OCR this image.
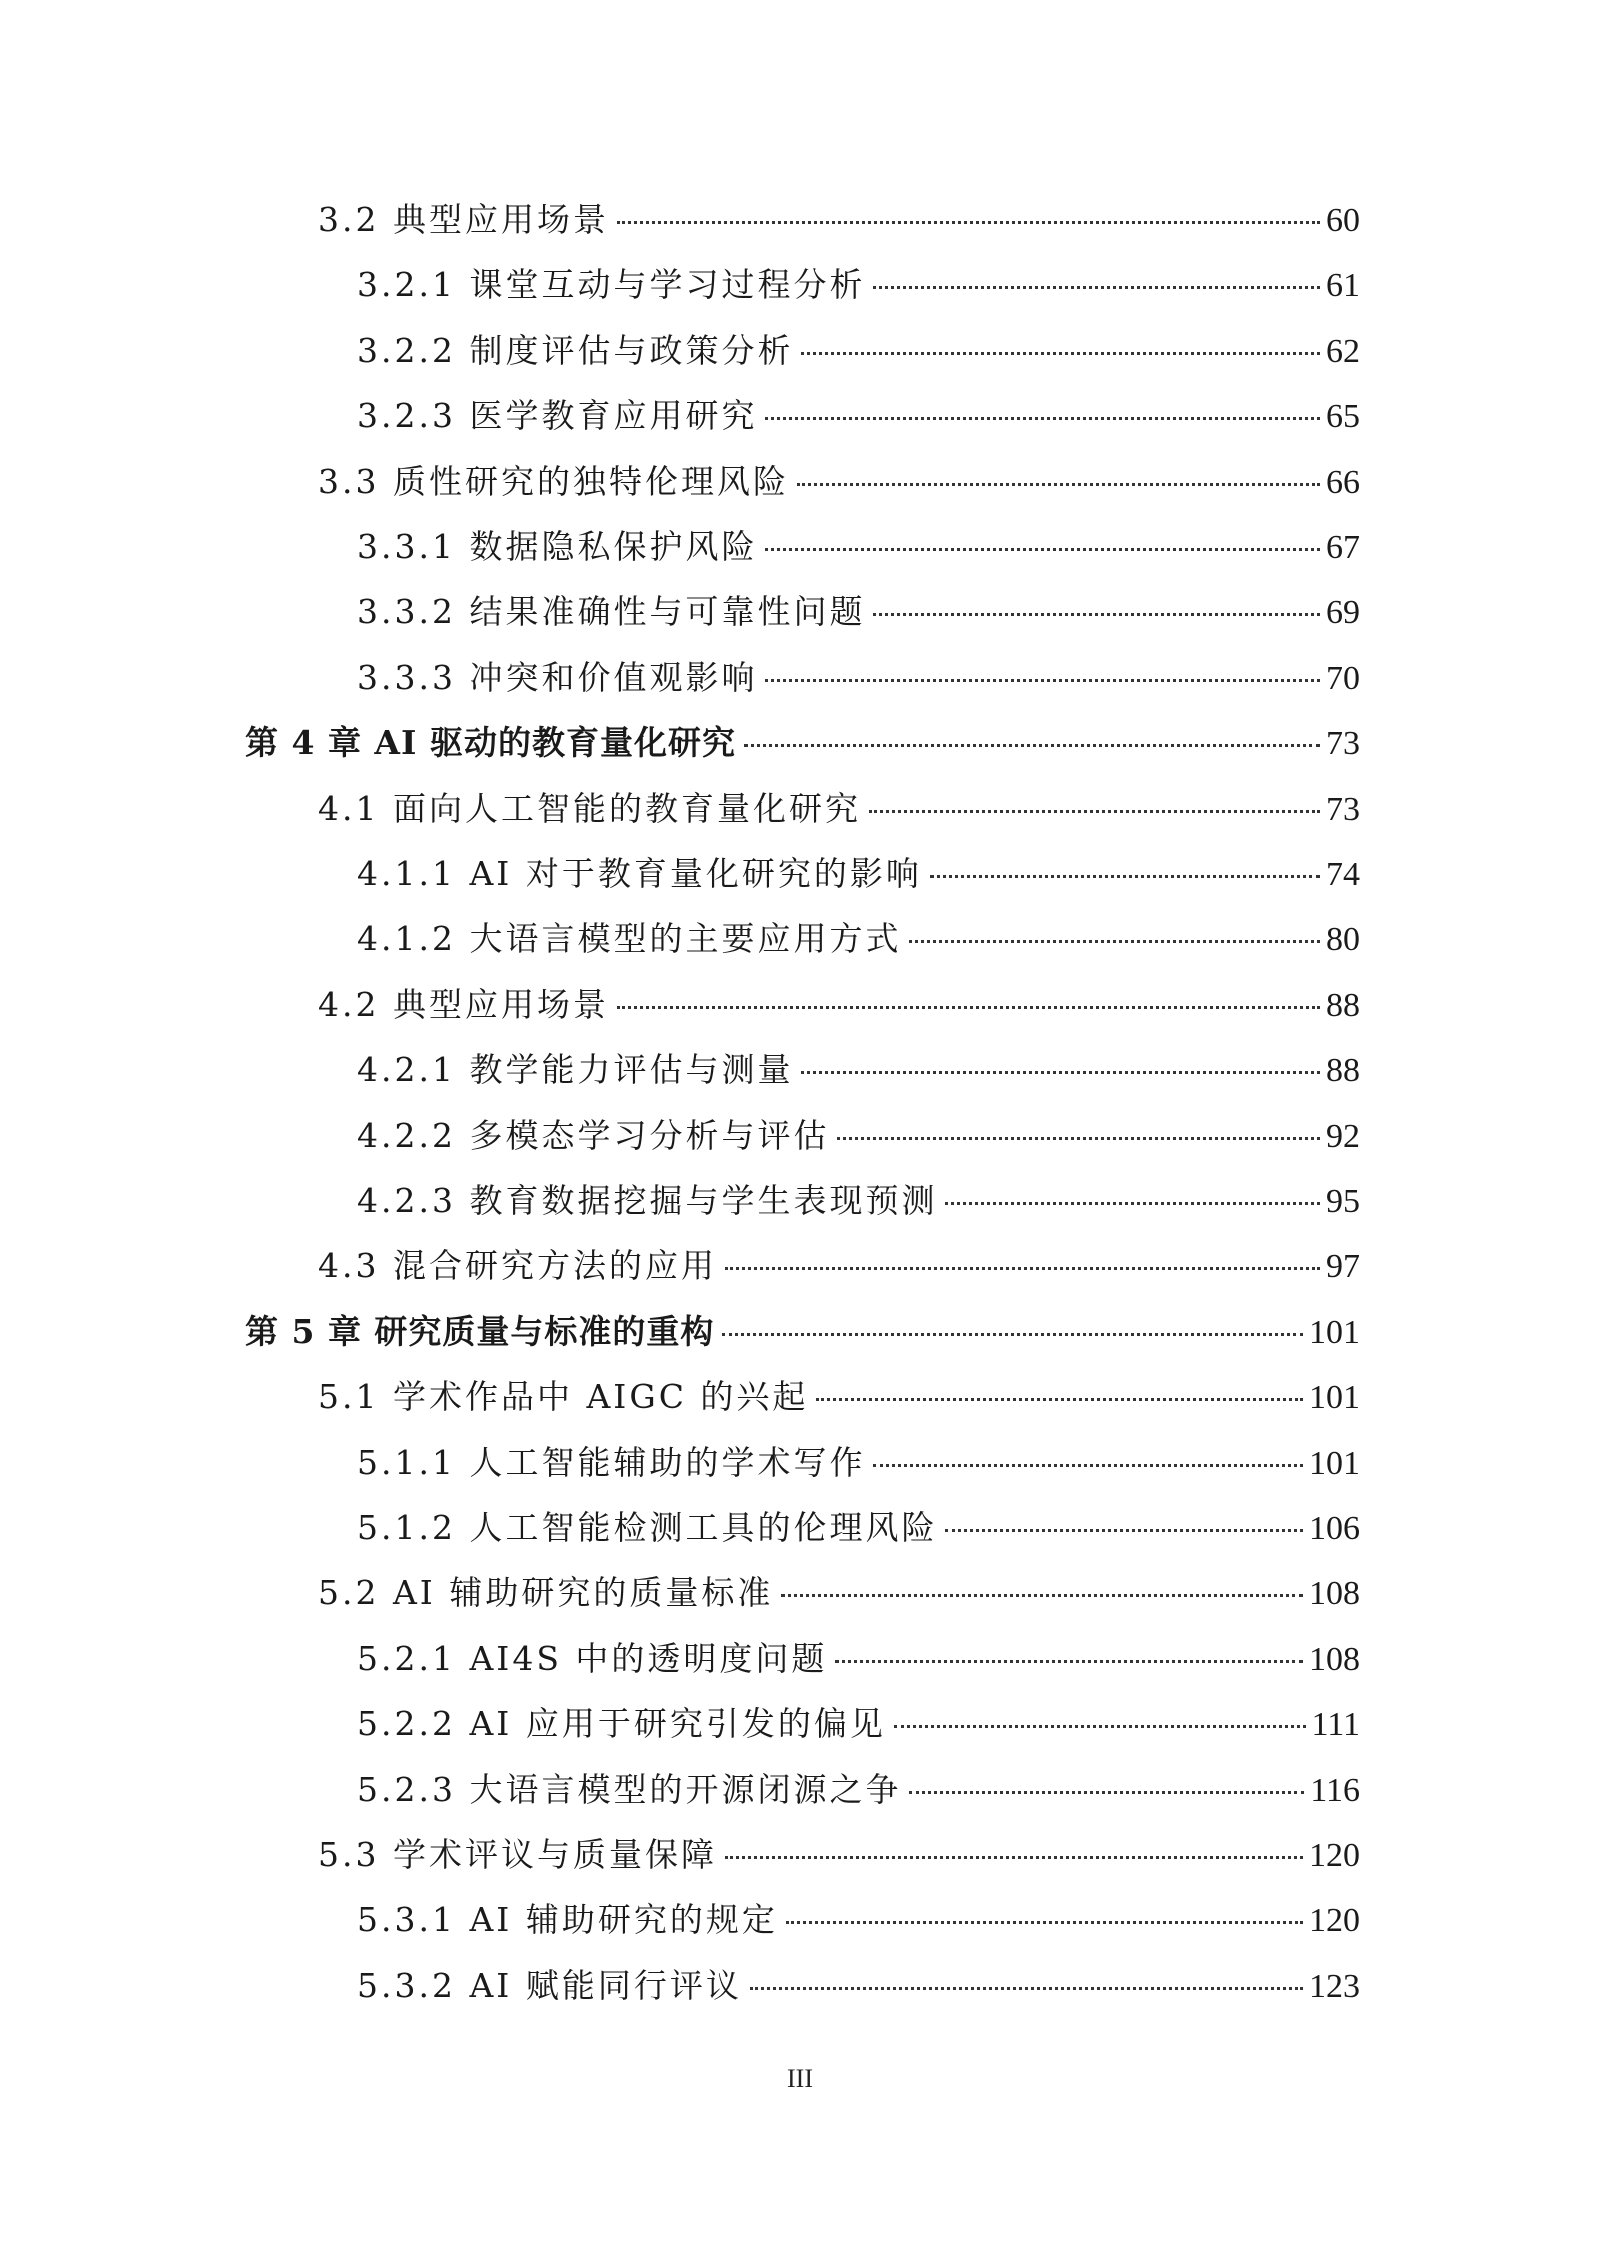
3.2 典型应用场景	60
3.2.1 课堂互动与学习过程分析	61
3.2.2 制度评估与政策分析	62
3.2.3 医学教育应用研究	65
3.3 质性研究的独特伦理风险	66
3.3.1 数据隐私保护风险	67
3.3.2 结果准确性与可靠性问题	69
3.3.3 冲突和价值观影响	70
第 4 章 AI 驱动的教育量化研究	73
4.1 面向人工智能的教育量化研究	73
4.1.1 AI 对于教育量化研究的影响	74
4.1.2 大语言模型的主要应用方式	80
4.2 典型应用场景	88
4.2.1 教学能力评估与测量	88
4.2.2 多模态学习分析与评估	92
4.2.3 教育数据挖掘与学生表现预测	95
4.3 混合研究方法的应用	97
第 5 章 研究质量与标准的重构	101
5.1 学术作品中 AIGC 的兴起	101
5.1.1 人工智能辅助的学术写作	101
5.1.2 人工智能检测工具的伦理风险	106
5.2 AI 辅助研究的质量标准	108
5.2.1 AI4S 中的透明度问题	108
5.2.2 AI 应用于研究引发的偏见	111
5.2.3 大语言模型的开源闭源之争	116
5.3 学术评议与质量保障	120
5.3.1 AI 辅助研究的规定	120
5.3.2 AI 赋能同行评议	123
III
